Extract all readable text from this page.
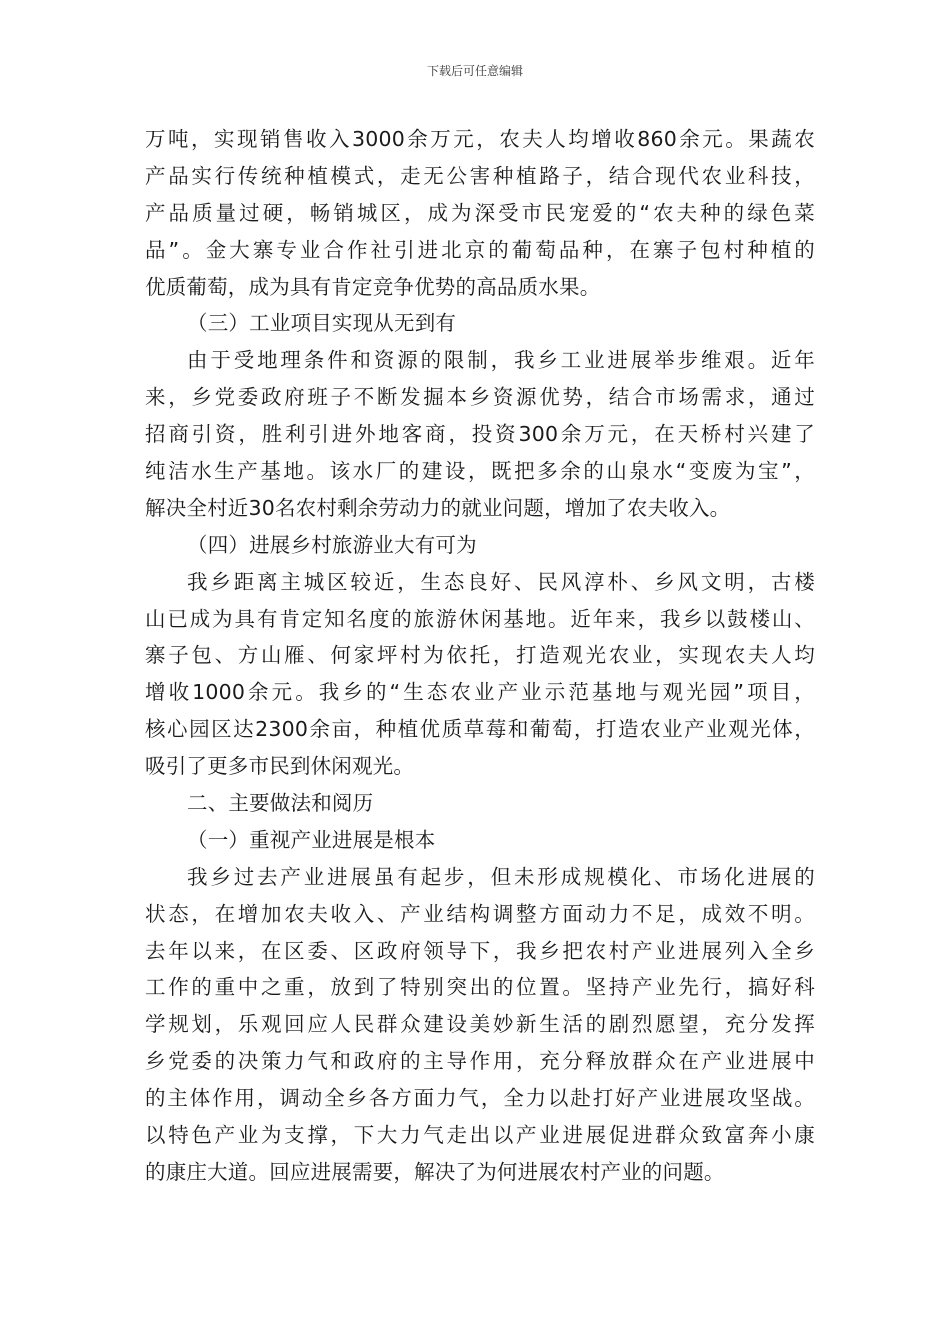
下载后可任意编辑
万吨，实现销售收入3000余万元，农夫人均增收860余元。果蔬农
产品实行传统种植模式，走无公害种植路子，结合现代农业科技，
产品质量过硬，畅销城区，成为深受市民宠爱的“农夫种的绿色菜
品”。金大寨专业合作社引进北京的葡萄品种，在寨子包村种植的
优质葡萄，成为具有肯定竞争优势的高品质水果。
（三）工业项目实现从无到有
由于受地理条件和资源的限制，我乡工业进展举步维艰。近年
来，乡党委政府班子不断发掘本乡资源优势，结合市场需求，通过
招商引资，胜利引进外地客商，投资300余万元，在天桥村兴建了
纯洁水生产基地。该水厂的建设，既把多余的山泉水“变废为宝”，
解决全村近30名农村剩余劳动力的就业问题，增加了农夫收入。
（四）进展乡村旅游业大有可为
我乡距离主城区较近，生态良好、民风淳朴、乡风文明，古楼
山已成为具有肯定知名度的旅游休闲基地。近年来，我乡以鼓楼山、
寨子包、方山雁、何家坪村为依托，打造观光农业，实现农夫人均
增收1000余元。我乡的“生态农业产业示范基地与观光园”项目，
核心园区达2300余亩，种植优质草莓和葡萄，打造农业产业观光体，
吸引了更多市民到休闲观光。
二、主要做法和阅历
（一）重视产业进展是根本
我乡过去产业进展虽有起步，但未形成规模化、市场化进展的
状态，在增加农夫收入、产业结构调整方面动力不足，成效不明。
去年以来，在区委、区政府领导下，我乡把农村产业进展列入全乡
工作的重中之重，放到了特别突出的位置。坚持产业先行，搞好科
学规划，乐观回应人民群众建设美妙新生活的剧烈愿望，充分发挥
乡党委的决策力气和政府的主导作用，充分释放群众在产业进展中
的主体作用，调动全乡各方面力气，全力以赴打好产业进展攻坚战。
以特色产业为支撑，下大力气走出以产业进展促进群众致富奔小康
的康庄大道。回应进展需要，解决了为何进展农村产业的问题。
